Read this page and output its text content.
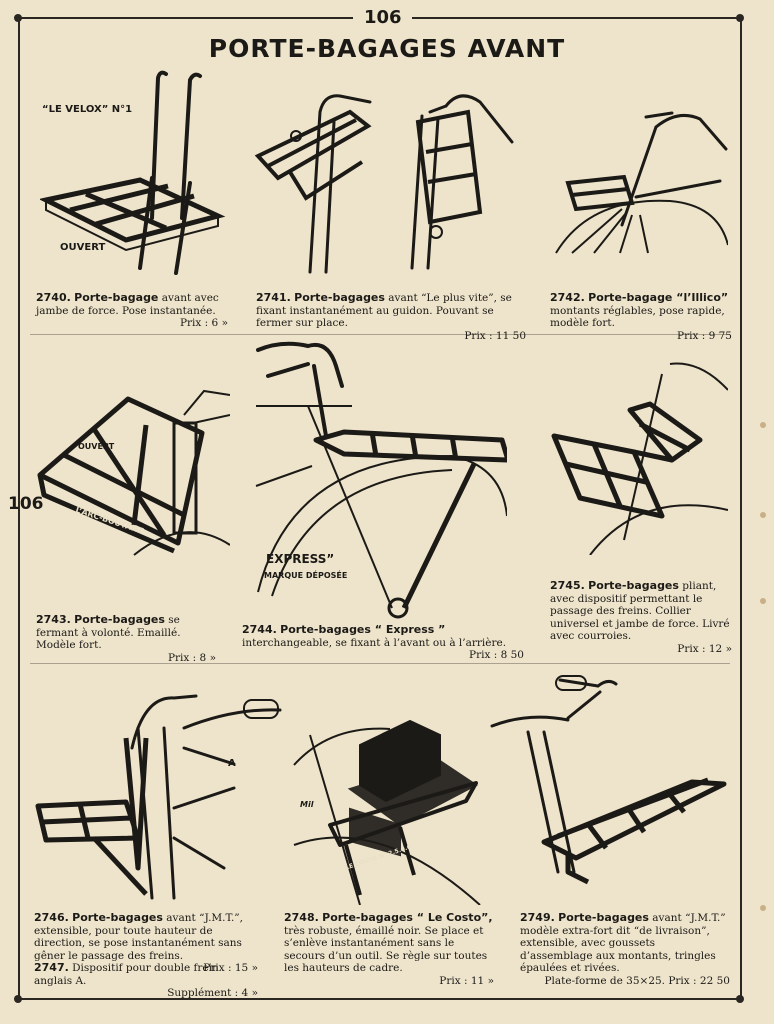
106
106
PORTE-BAGAGES AVANT
“LE VELOX” N°1
OUVERT
2740. Porte-bagage avant avec jambe de force. Pose instantanée.
Prix : 6 »
2741. Porte-bagages avant “Le plus vite”, se fixant instantanément au guidon. Pouvant se fermer sur place.
Prix : 11 50
2742. Porte-bagage “l’Illico” montants réglables, pose rapide, modèle fort.
Prix : 9 75
OUVERT
L’ARC-BOUTANT
EXPRESS”
MARQUE DÉPOSÉE
2743. Porte-bagages se fermant à volonté. Emaillé. Modèle fort.
Prix : 8 »
2744. Porte-bagages “ Express ” interchangeable, se fixant à l’avant ou à l’arrière.
Prix : 8 50
2745. Porte-bagages pliant, avec dispositif permettant le passage des freins. Collier universel et jambe de force. Livré avec courroies.
Prix : 12 »
A
Mil
LE COSTO N° 2.5.0.0
2746. Porte-bagages avant “J.M.T.”, extensible, pour toute hauteur de direction, se pose instantanément sans gêner le passage des freins.
Prix : 15 »
2747. Dispositif pour double frein anglais A.
Supplément : 4 »
2748. Porte-bagages “ Le Costo”, très robuste, émaillé noir. Se place et s’enlève instantanément sans le secours d’un outil. Se règle sur toutes les hauteurs de cadre.
Prix : 11 »
2749. Porte-bagages avant “J.M.T.” modèle extra-fort dit “de livraison”, extensible, avec goussets d’assemblage aux montants, tringles épaulées et rivées.
Plate-forme de 35×25. Prix : 22 50
